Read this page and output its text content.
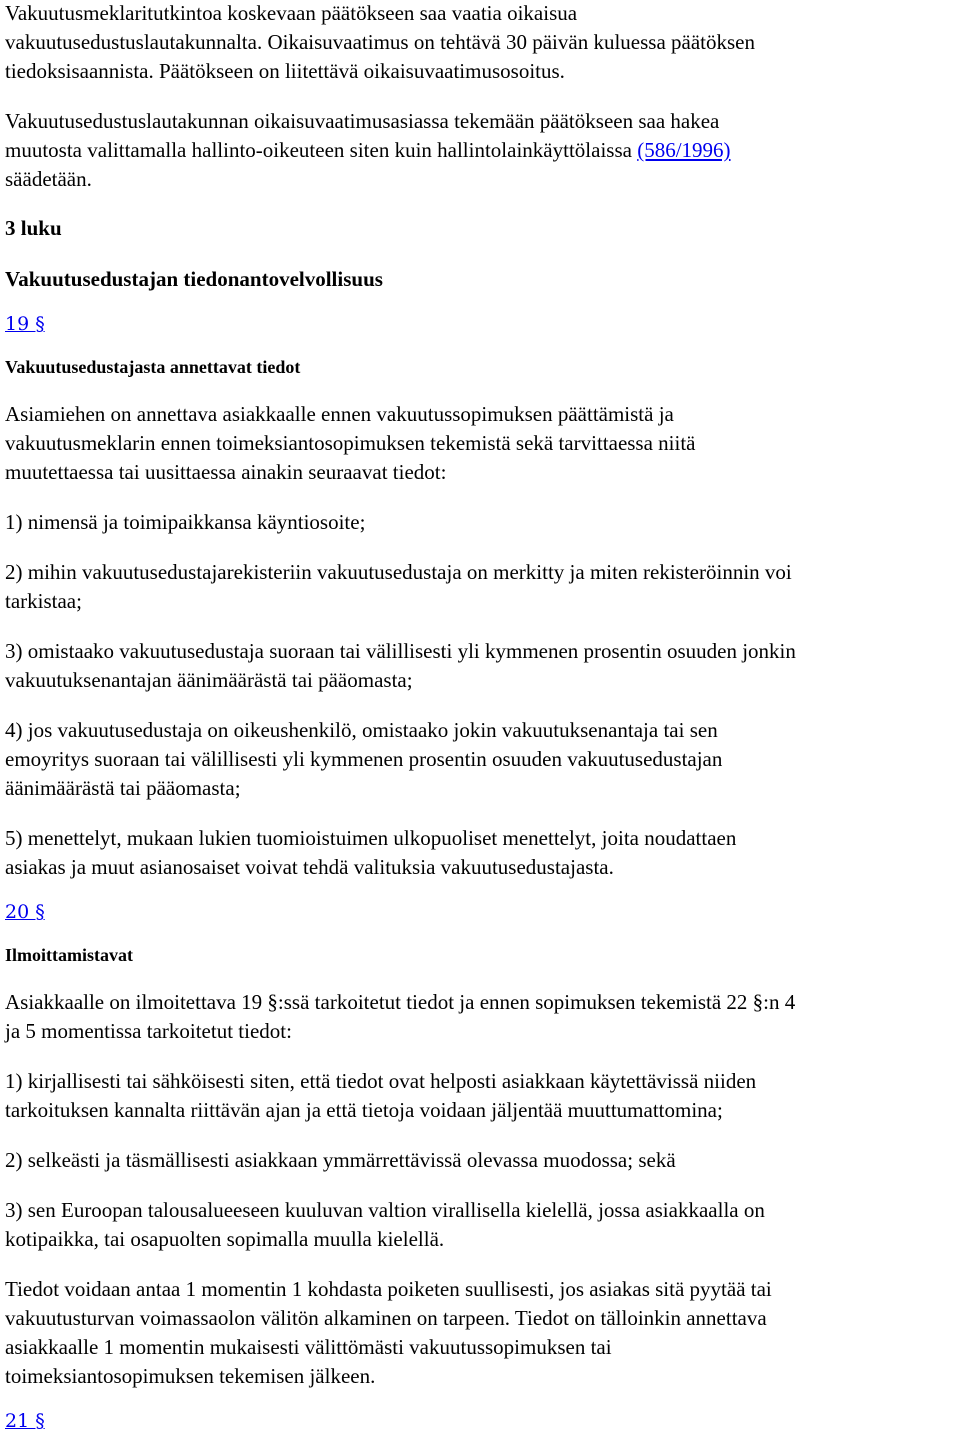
Vakuutusmeklaritutkintoa koskevaan päätökseen saa vaatia oikaisua
vakuutusedustuslautakunnalta. Oikaisuvaatimus on tehtävä 30 päivän kuluessa päätöksen
tiedoksisaannista. Päätökseen on liitettävä oikaisuvaatimusosoitus.

Vakuutusedustuslautakunnan oikaisuvaatimusasiassa tekemään päätökseen saa hakea
muutosta valittamalla hallinto-oikeuteen siten kuin hallintolainkäyttölaissa (586/1996)
säädetään.

3 luku

Vakuutusedustajan tiedonantovelvollisuus

19 §

Vakuutusedustajasta annettavat tiedot

Asiamiehen on annettava asiakkaalle ennen vakuutussopimuksen päättämistä ja
vakuutusmeklarin ennen toimeksiantosopimuksen tekemistä sekä tarvittaessa niitä
muutettaessa tai uusittaessa ainakin seuraavat tiedot:

1) nimensä ja toimipaikkansa käyntiosoite;

2) mihin vakuutusedustajarekisteriin vakuutusedustaja on merkitty ja miten rekisteröinnin voi
tarkistaa;

3) omistaako vakuutusedustaja suoraan tai välillisesti yli kymmenen prosentin osuuden jonkin
vakuutuksenantajan äänimäärästä tai pääomasta;

4) jos vakuutusedustaja on oikeushenkilö, omistaako jokin vakuutuksenantaja tai sen
emoyritys suoraan tai välillisesti yli kymmenen prosentin osuuden vakuutusedustajan
äänimäärästä tai pääomasta;

5) menettelyt, mukaan lukien tuomioistuimen ulkopuoliset menettelyt, joita noudattaen
asiakas ja muut asianosaiset voivat tehdä valituksia vakuutusedustajasta.

20 §

Ilmoittamistavat

Asiakkaalle on ilmoitettava 19 §:ssä tarkoitetut tiedot ja ennen sopimuksen tekemistä 22 §:n 4
ja 5 momentissa tarkoitetut tiedot:

1) kirjallisesti tai sähköisesti siten, että tiedot ovat helposti asiakkaan käytettävissä niiden
tarkoituksen kannalta riittävän ajan ja että tietoja voidaan jäljentää muuttumattomina;

2) selkeästi ja täsmällisesti asiakkaan ymmärrettävissä olevassa muodossa; sekä

3) sen Euroopan talousalueeseen kuuluvan valtion virallisella kielellä, jossa asiakkaalla on
kotipaikka, tai osapuolten sopimalla muulla kielellä.

Tiedot voidaan antaa 1 momentin 1 kohdasta poiketen suullisesti, jos asiakas sitä pyytää tai
vakuutusturvan voimassaolon välitön alkaminen on tarpeen. Tiedot on tälloinkin annettava
asiakkaalle 1 momentin mukaisesti välittömästi vakuutussopimuksen tai
toimeksiantosopimuksen tekemisen jälkeen.

21 §
